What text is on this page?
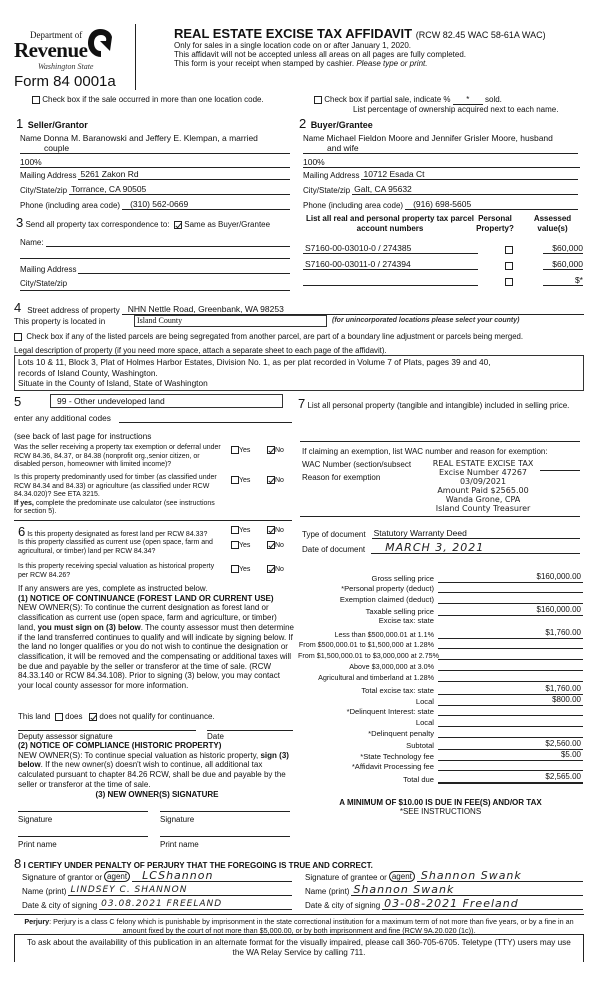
Department of
Revenue
Washington State
Form 84 0001a
REAL ESTATE EXCISE TAX AFFIDAVIT (RCW 82.45 WAC 58-61A WAC)
Only for sales in a single location code on or after January 1, 2020.
This affidavit will not be accepted unless all areas on all pages are fully completed.
This form is your receipt when stamped by cashier. Please type or print.
Check box if the sale occurred in more than one location code.	Check box if partial sale, indicate % * sold.
List percentage of ownership acquired next to each name.
1 Seller/Grantor
Name Donna M. Baranowski and Jeffery E. Klempan, a married
couple
100%
Mailing Address 5261 Zakon Rd
City/State/zip Torrance, CA 90505
Phone (including area code)	(310) 562-0669
3 Send all property tax correspondence to: Same as Buyer/Grantee
Name:
Mailing Address
City/State/zip
2 Buyer/Grantee
Name Michael Fieldon Moore and Jennifer Grisler Moore, husband
and wife
100%
Mailing Address 10712 Esada Ct
City/State/zip Galt, CA 95632
Phone (including area code)	(916) 698-5605
List all real and personal property tax parcel account numbers
Personal Property?
Assessed value(s)
S7160-00-03010-0 / 274385	$60,000
S7160-00-03011-0 / 274394	$60,000
$*
4 Street address of property NHN Nettle Road, Greenbank, WA 98253
This property is located in	Island County	(for unincorporated locations please select your county)
Check box if any of the listed parcels are being segregated from another parcel, are part of a boundary line adjustment or parcels being merged.
Legal description of property (if you need more space, attach a separate sheet to each page of the affidavit).
Lots 10 & 11, Block 3, Plat of Holmes Harbor Estates, Division No. 1, as per plat recorded in Volume 7 of Plats, pages 39 and 40,
records of Island County, Washington.
Situate in the County of Island, State of Washington
5	99 - Other undeveloped land
enter any additional codes
(see back of last page for instructions
Was the seller receiving a property tax exemption or deferral under RCW 84.36, 84.37, or 84.38 (nonprofit org.,senior citizen, or disabled person, homeowner with limited income)?
Yes	No
Is this property predominantly used for timber (as classified under RCW 84.34 and 84.33) or agriculture (as classified under RCW 84.34.020)? See ETA 3215.
If yes, complete the predominate use calculator (see instructions for section 5).
Yes	No
6 Is this property designated as forest land per RCW 84.33?
Yes	No
Is this property classified as current use (open space, farm and agricultural, or timber) land per RCW 84.34?
Yes	No
Is this property receiving special valuation as historical property per RCW 84.26?
Yes	No
If any answers are yes, complete as instructed below.
(1) NOTICE OF CONTINUANCE (FOREST LAND OR CURRENT USE)
NEW OWNER(S): To continue the current designation as forest land or classification as current use (open space, farm and agriculture, or timber) land, you must sign on (3) below. The county assessor must then determine if the land transferred continues to qualify and will indicate by signing below. If the land no longer qualifies or you do not wish to continue the designation or classification, it will be removed and the compensating or additional taxes will be due and payable by the seller or transferor at the time of sale. (RCW 84.33.140 or RCW 84.34.108). Prior to signing (3) below, you may contact your local county assessor for more information.
This land does does not qualify for continuance.
Deputy assessor signature	Date
(2) NOTICE OF COMPLIANCE (HISTORIC PROPERTY)
NEW OWNER(S): To continue special valuation as historic property, sign (3) below. If the new owner(s) doesn't wish to continue, all additional tax calculated pursuant to chapter 84.26 RCW, shall be due and payable by the seller or transferor at the time of sale.
(3) NEW OWNER(S) SIGNATURE
Signature	Signature
Print name	Print name
7 List all personal property (tangible and intangible) included in selling price.
If claiming an exemption, list WAC number and reason for exemption:
WAC Number (section/subsect
Reason for exemption
REAL ESTATE EXCISE TAX
Excise Number 47267
03/09/2021
Amount Paid $2565.00
Wanda Grone, CPA
Island County Treasurer
Type of document Statutory Warranty Deed
Date of document	MARCH 3, 2021
Gross selling price	$160,000.00
*Personal property (deduct)
Exemption claimed (deduct)
Taxable selling price	$160,000.00
Excise tax: state
Less than $500,000.01 at 1.1%	$1,760.00
From $500,000.01 to $1,500,000 at 1.28%
From $1,500,000.01 to $3,000,000 at 2.75%
Above $3,000,000 at 3.0%
Agricultural and timberland at 1.28%
Total excise tax: state	$1,760.00
Local	$800.00
*Delinquent Interest: state
Local
*Delinquent penalty
Subtotal	$2,560.00
*State Technology fee	$5.00
*Affidavit Processing fee
Total due	$2,565.00
A MINIMUM OF $10.00 IS DUE IN FEE(S) AND/OR TAX
*SEE INSTRUCTIONS
8 I CERTIFY UNDER PENALTY OF PERJURY THAT THE FOREGOING IS TRUE AND CORRECT.
Signature of grantor or agent	LCShannon
Name (print) LINDSEY C. SHANNON
Date & city of signing 03.08.2021 FREELAND
Signature of grantee or agent Shannon Swank
Name (print) Shannon Swank
Date & city of signing 03-08-2021 Freeland
Perjury: Perjury is a class C felony which is punishable by imprisonment in the state correctional institution for a maximum term of not more than five years, or by a fine in an amount fixed by the court of not more than $5,000.00, or by both imprisonment and fine (RCW 9A.20.020 (1c)).
To ask about the availability of this publication in an alternate format for the visually impaired, please call 360-705-6705. Teletype (TTY) users may use the WA Relay Service by calling 711.
